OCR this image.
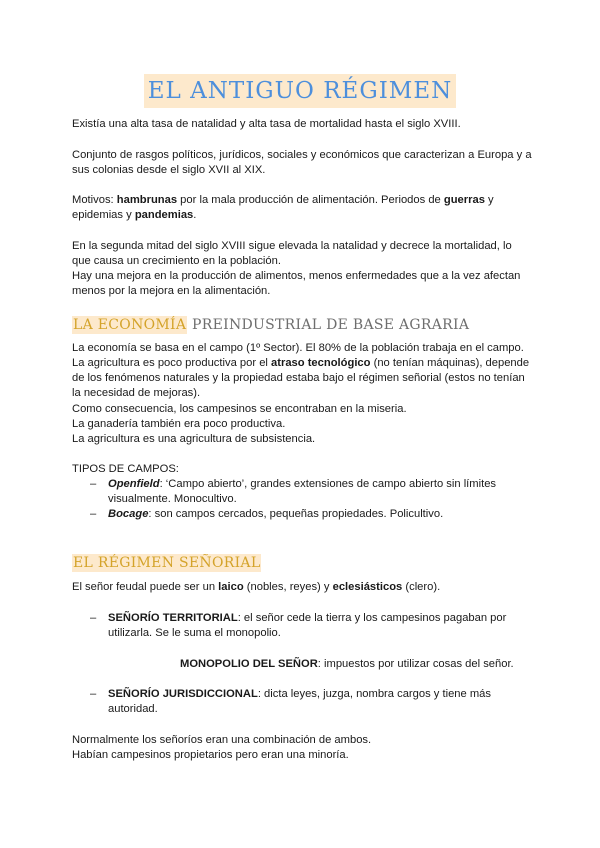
EL ANTIGUO RÉGIMEN

Existía una alta tasa de natalidad y alta tasa de mortalidad hasta el siglo XVIII.

Conjunto de rasgos políticos, jurídicos, sociales y económicos que caracterizan a Europa y a sus colonias desde el siglo XVII al XIX.

Motivos: hambrunas por la mala producción de alimentación. Periodos de guerras y epidemias y pandemias.

En la segunda mitad del siglo XVIII sigue elevada la natalidad y decrece la mortalidad, lo que causa un crecimiento en la población.

Hay una mejora en la producción de alimentos, menos enfermedades que a la vez afectan menos por la mejora en la alimentación.

LA ECONOMÍA PREINDUSTRIAL DE BASE AGRARIA

La economía se basa en el campo (1º Sector). El 80% de la población trabaja en el campo.

La agricultura es poco productiva por el atraso tecnológico (no tenían máquinas), depende de los fenómenos naturales y la propiedad estaba bajo el régimen señorial (estos no tenían la necesidad de mejoras).

Como consecuencia, los campesinos se encontraban en la miseria.

La ganadería también era poco productiva.

La agricultura es una agricultura de subsistencia.

TIPOS DE CAMPOS:

– Openfield: ‘Campo abierto’, grandes extensiones de campo abierto sin límites visualmente. Monocultivo.
– Bocage: son campos cercados, pequeñas propiedades. Policultivo.
EL RÉGIMEN SEÑORIAL

El señor feudal puede ser un laico (nobles, reyes) y eclesiásticos (clero).

– SEÑORÍO TERRITORIAL: el señor cede la tierra y los campesinos pagaban por utilizarla. Se le suma el monopolio.

MONOPOLIO DEL SEÑOR: impuestos por utilizar cosas del señor.

– SEÑORÍO JURISDICCIONAL: dicta leyes, juzga, nombra cargos y tiene más autoridad.

Normalmente los señoríos eran una combinación de ambos.

Habían campesinos propietarios pero eran una minoría.
